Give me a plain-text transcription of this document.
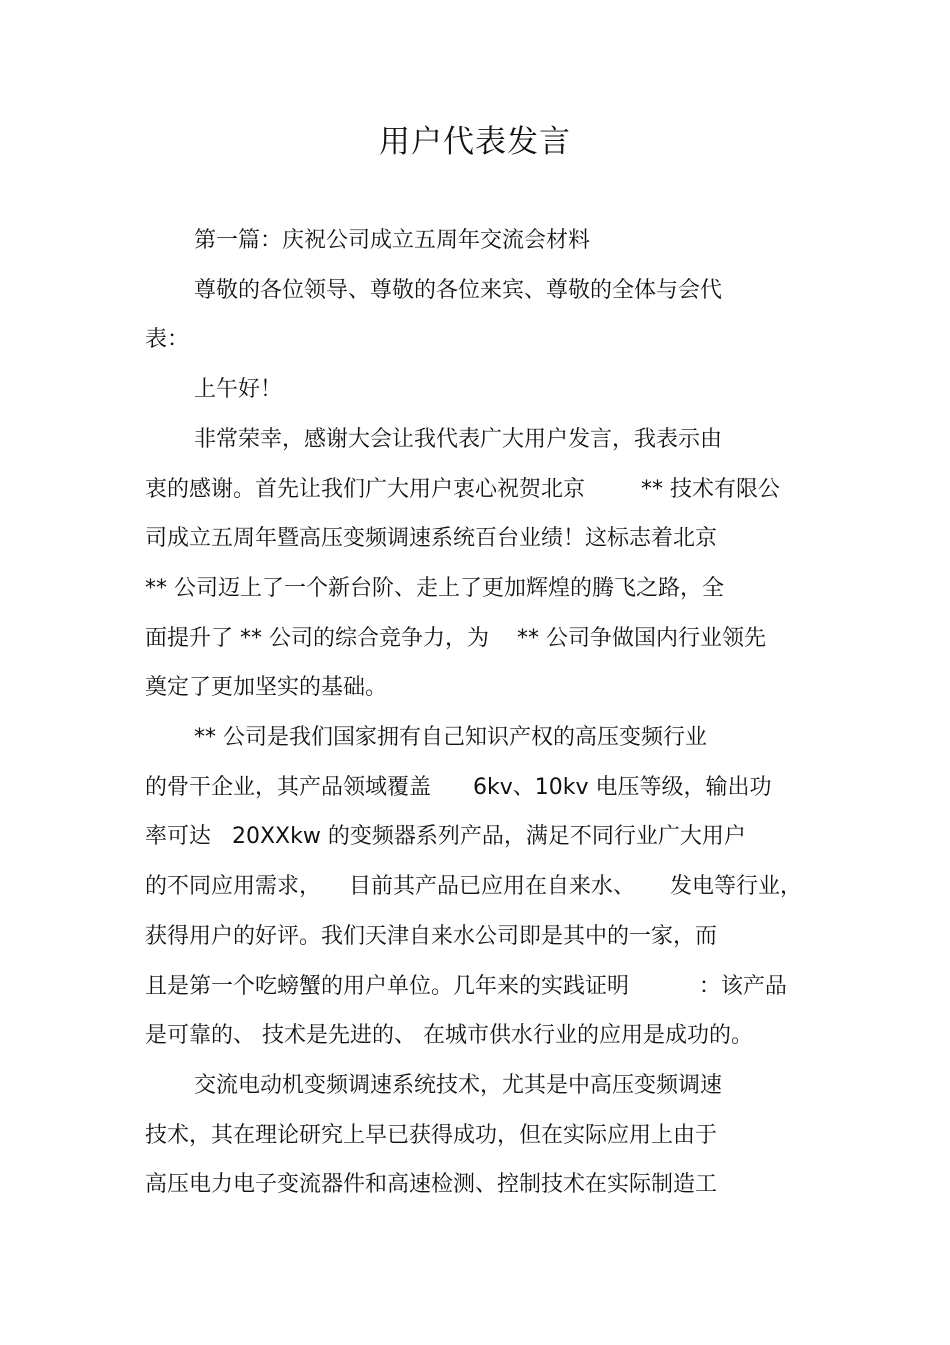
用户代表发言
第一篇：庆祝公司成立五周年交流会材料
尊敬的各位领导、尊敬的各位来宾、尊敬的全体与会代
表：
上午好！
非常荣幸，感谢大会让我代表广大用户发言，我表示由
衷的感谢。首先让我们广大用户衷心祝贺北京        ** 技术有限公
司成立五周年暨高压变频调速系统百台业绩！这标志着北京
** 公司迈上了一个新台阶、走上了更加辉煌的腾飞之路，全
面提升了 ** 公司的综合竞争力，为    ** 公司争做国内行业领先
奠定了更加坚实的基础。
** 公司是我们国家拥有自己知识产权的高压变频行业
的骨干企业，其产品领域覆盖      6kv、10kv 电压等级，输出功
率可达   20XXkw 的变频器系列产品，满足不同行业广大用户
的不同应用需求，    目前其产品已应用在自来水、     发电等行业，
获得用户的好评。我们天津自来水公司即是其中的一家，而
且是第一个吃螃蟹的用户单位。几年来的实践证明          ：该产品
是可靠的、 技术是先进的、 在城市供水行业的应用是成功的。
交流电动机变频调速系统技术，尤其是中高压变频调速
技术，其在理论研究上早已获得成功，但在实际应用上由于
高压电力电子变流器件和高速检测、控制技术在实际制造工
